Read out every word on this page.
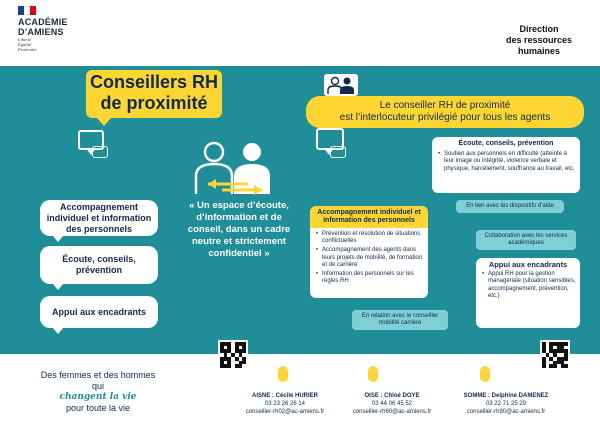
ACADÉMIE
D’AMIENS
Liberté
Égalité
Fraternité
Direction
des ressources
humaines
Conseillers RH
de proximité
Accompagnement individuel et information des personnels
Écoute, conseils, prévention
Appui aux encadrants
« Un espace d’écoute, d’information et de conseil, dans un cadre neutre et strictement confidentiel »
Le conseiller RH de proximité
est l’interlocuteur privilégié pour tous les agents
Écoute, conseils, prévention
• Soutien aux personnels en difficulté (atteinte à leur image ou intégrité, violence verbale et physique, harcèlement, souffrance au travail, etc.
En lien avec les dispositifs d’aide
Collaboration avec les services académiques
Accompagnement individuel et information des personnels
• Prévention et résolution de situations conflictuelles
• Accompagnement des agents dans leurs projets de mobilité, de formation et de carrière
• Information des personnels sur les règles RH
En relation avec le conseiller mobilité carrière
Appui aux encadrants
• Appui RH pour la gestion managériale (situation sensibles, accompagnement, prévention, etc.)
PLUS D’INFORMATION	PRENDRE UN RDV
Des femmes et des hommes qui
changent la vie
pour toute la vie
AISNE : Cécile HURIER
03 23 26 26 14
conseiller-rh02@ac-amiens.fr
OISE : Chloé DOYE
03 44 06 45 52
conseiller-rh60@ac-amiens.fr
SOMME : Delphine DAMENEZ
03 22 71 25 29
conseiller-rh80@ac-amiens.fr
